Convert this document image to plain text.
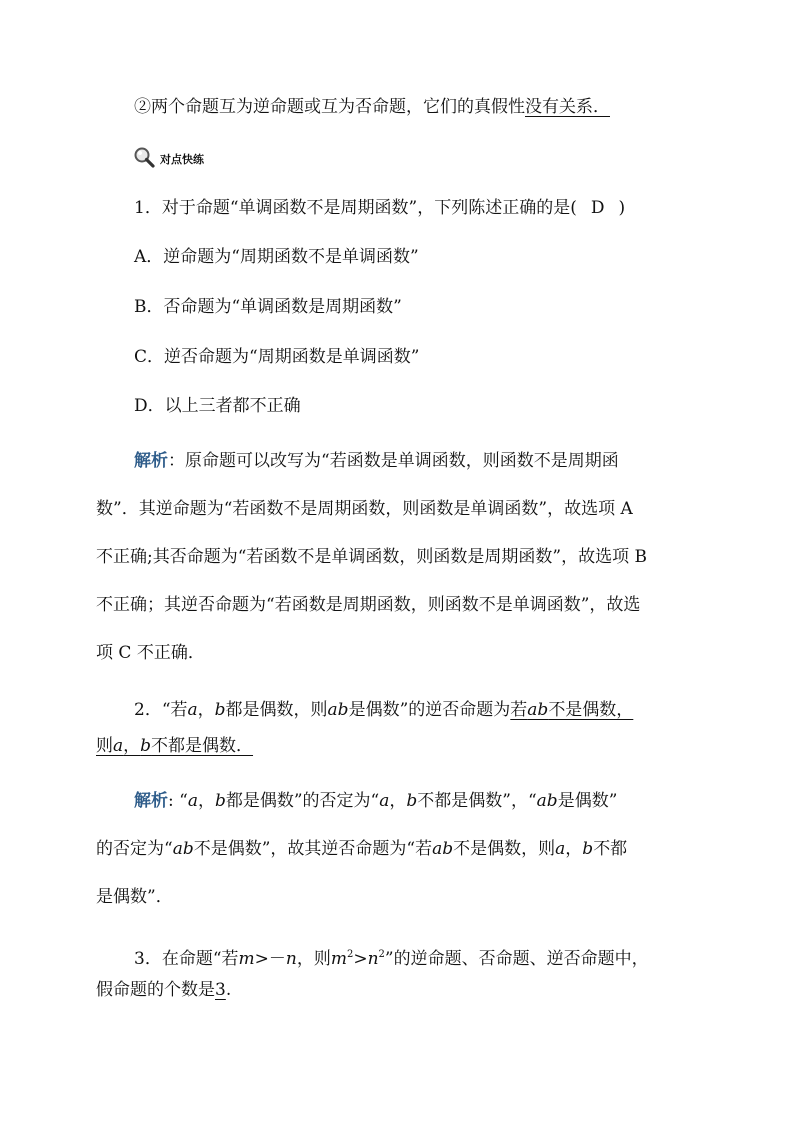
②两个命题互为逆命题或互为否命题，它们的真假性没有关系．
对点快练
1．对于命题“单调函数不是周期函数”，下列陈述正确的是( D )
A．逆命题为“周期函数不是单调函数”
B．否命题为“单调函数是周期函数”
C．逆否命题为“周期函数是单调函数”
D．以上三者都不正确
解析：原命题可以改写为“若函数是单调函数，则函数不是周期函
数”．其逆命题为“若函数不是周期函数，则函数是单调函数”，故选项 A
不正确;其否命题为“若函数不是单调函数，则函数是周期函数”，故选项 B
不正确；其逆否命题为“若函数是周期函数，则函数不是单调函数”，故选
项 C 不正确．
2．“若a，b都是偶数，则ab是偶数”的逆否命题为若ab不是偶数，
则a，b不都是偶数．
解析: “a，b都是偶数”的否定为“a，b不都是偶数”，“ab是偶数”
的否定为“ab不是偶数”，故其逆否命题为“若ab不是偶数，则a，b不都
是偶数”．
3．在命题“若m>－n，则$m^2>n^2$”的逆命题、否命题、逆否命题中，
假命题的个数是3.
